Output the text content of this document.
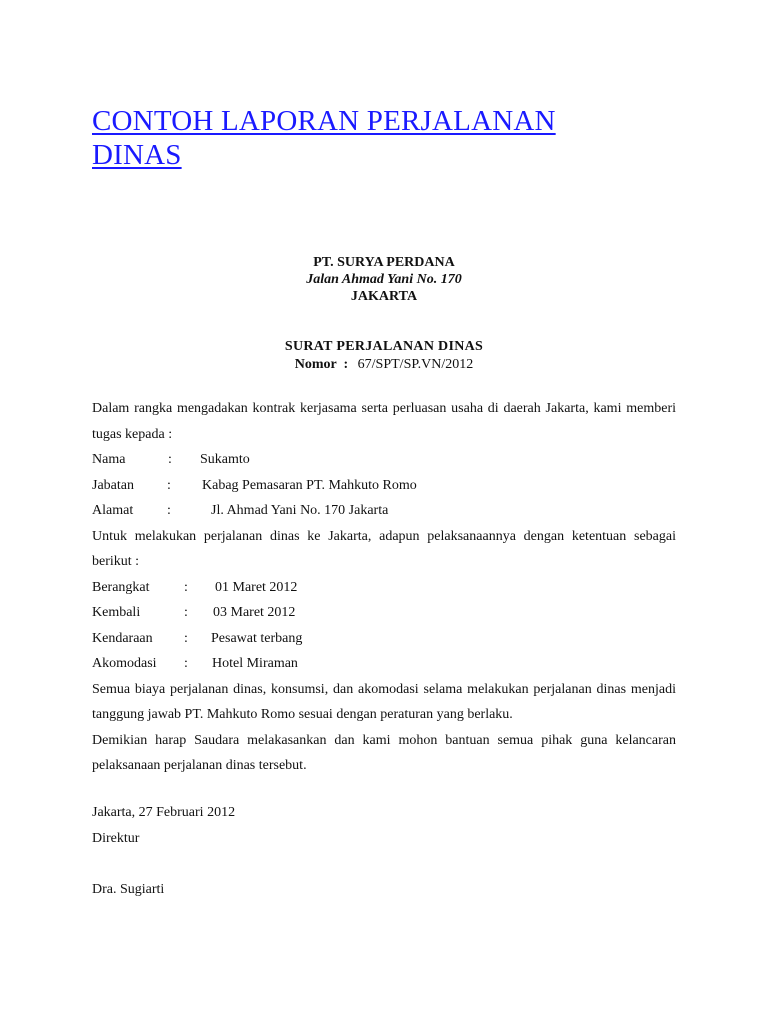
CONTOH LAPORAN PERJALANAN DINAS
PT. SURYA PERDANA
Jalan Ahmad Yani No. 170
JAKARTA
SURAT PERJALANAN DINAS
Nomor  : 67/SPT/SP.VN/2012

Dalam rangka mengadakan kontrak kerjasama serta perluasan usaha di daerah Jakarta, kami memberi tugas kepada :

Nama	:	Sukamto
Jabatan	:	Kabag Pemasaran PT. Mahkuto Romo
Alamat	:	Jl. Ahmad Yani No. 170 Jakarta

Untuk melakukan perjalanan dinas ke Jakarta, adapun pelaksanaannya dengan ketentuan sebagai berikut :

Berangkat	:	01 Maret 2012
Kembali	:	03 Maret 2012
Kendaraan	:	Pesawat terbang
Akomodasi	:	Hotel Miraman

Semua biaya perjalanan dinas, konsumsi, dan akomodasi selama melakukan perjalanan dinas menjadi tanggung jawab PT. Mahkuto Romo sesuai dengan peraturan yang berlaku.

Demikian harap Saudara melakasankan dan kami mohon bantuan semua pihak guna kelancaran pelaksanaan perjalanan dinas tersebut.

Jakarta, 27 Februari 2012
Direktur
Dra. Sugiarti
